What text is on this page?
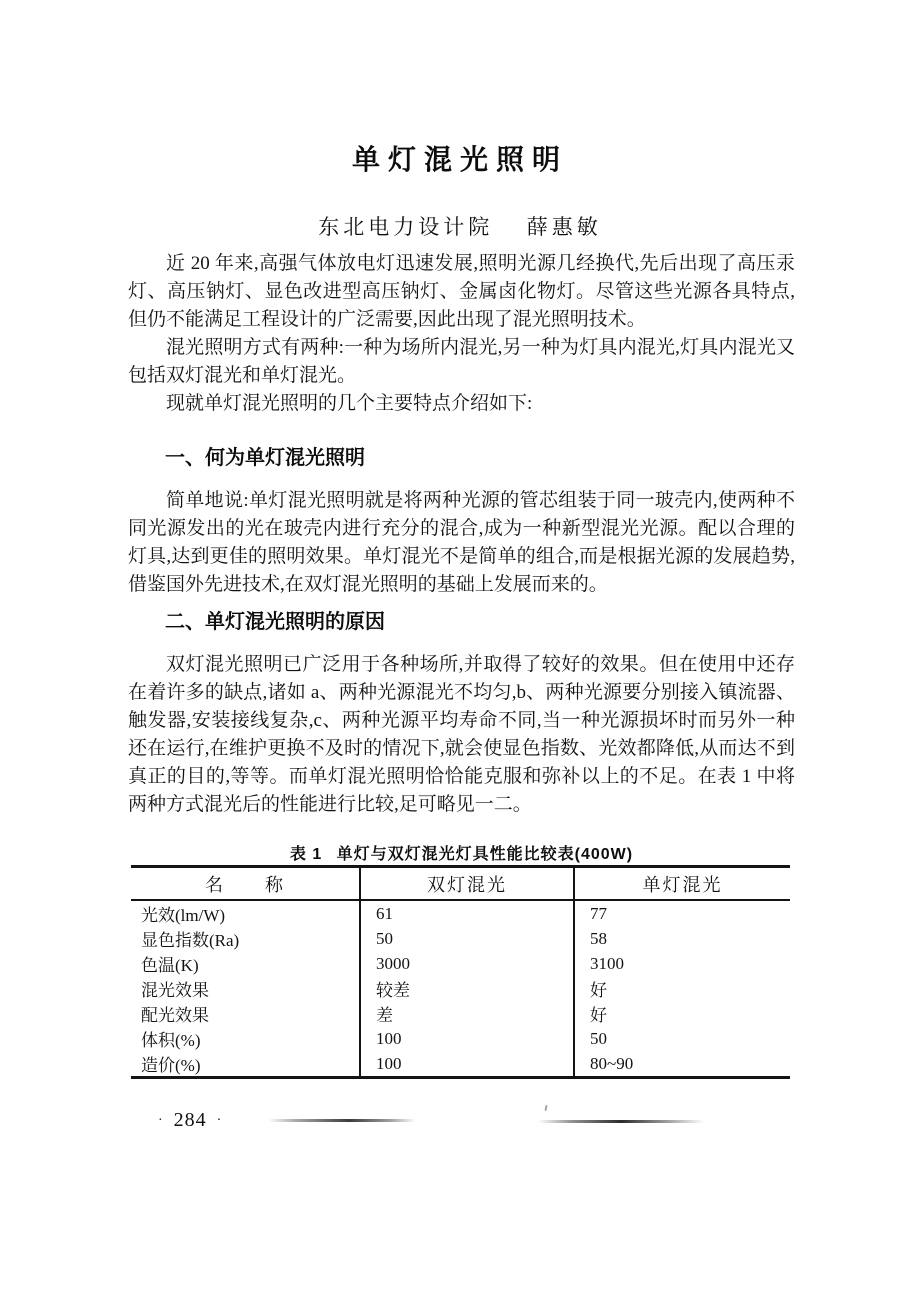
单灯混光照明
东北电力设计院 薛惠敏

近 20 年来,高强气体放电灯迅速发展,照明光源几经换代,先后出现了高压汞灯、高压钠灯、显色改进型高压钠灯、金属卤化物灯。尽管这些光源各具特点,但仍不能满足工程设计的广泛需要,因此出现了混光照明技术。

混光照明方式有两种:一种为场所内混光,另一种为灯具内混光,灯具内混光又包括双灯混光和单灯混光。

现就单灯混光照明的几个主要特点介绍如下:

一、何为单灯混光照明

简单地说:单灯混光照明就是将两种光源的管芯组装于同一玻壳内,使两种不同光源发出的光在玻壳内进行充分的混合,成为一种新型混光光源。配以合理的灯具,达到更佳的照明效果。单灯混光不是简单的组合,而是根据光源的发展趋势,借鉴国外先进技术,在双灯混光照明的基础上发展而来的。

二、单灯混光照明的原因

双灯混光照明已广泛用于各种场所,并取得了较好的效果。但在使用中还存在着许多的缺点,诸如 a、两种光源混光不均匀,b、两种光源要分别接入镇流器、触发器,安装接线复杂,c、两种光源平均寿命不同,当一种光源损坏时而另外一种还在运行,在维护更换不及时的情况下,就会使显色指数、光效都降低,从而达不到真正的目的,等等。而单灯混光照明恰恰能克服和弥补以上的不足。在表 1 中将两种方式混光后的性能进行比较,足可略见一二。

表 1 单灯与双灯混光灯具性能比较表(400W)
名　　称	双灯混光	单灯混光
光效(lm/W)	61	77
显色指数(Ra)	50	58
色温(K)	3000	3100
混光效果	较差	好
配光效果	差	好
体积(%)	100	50
造价(%)	100	80~90
· 284 ·
